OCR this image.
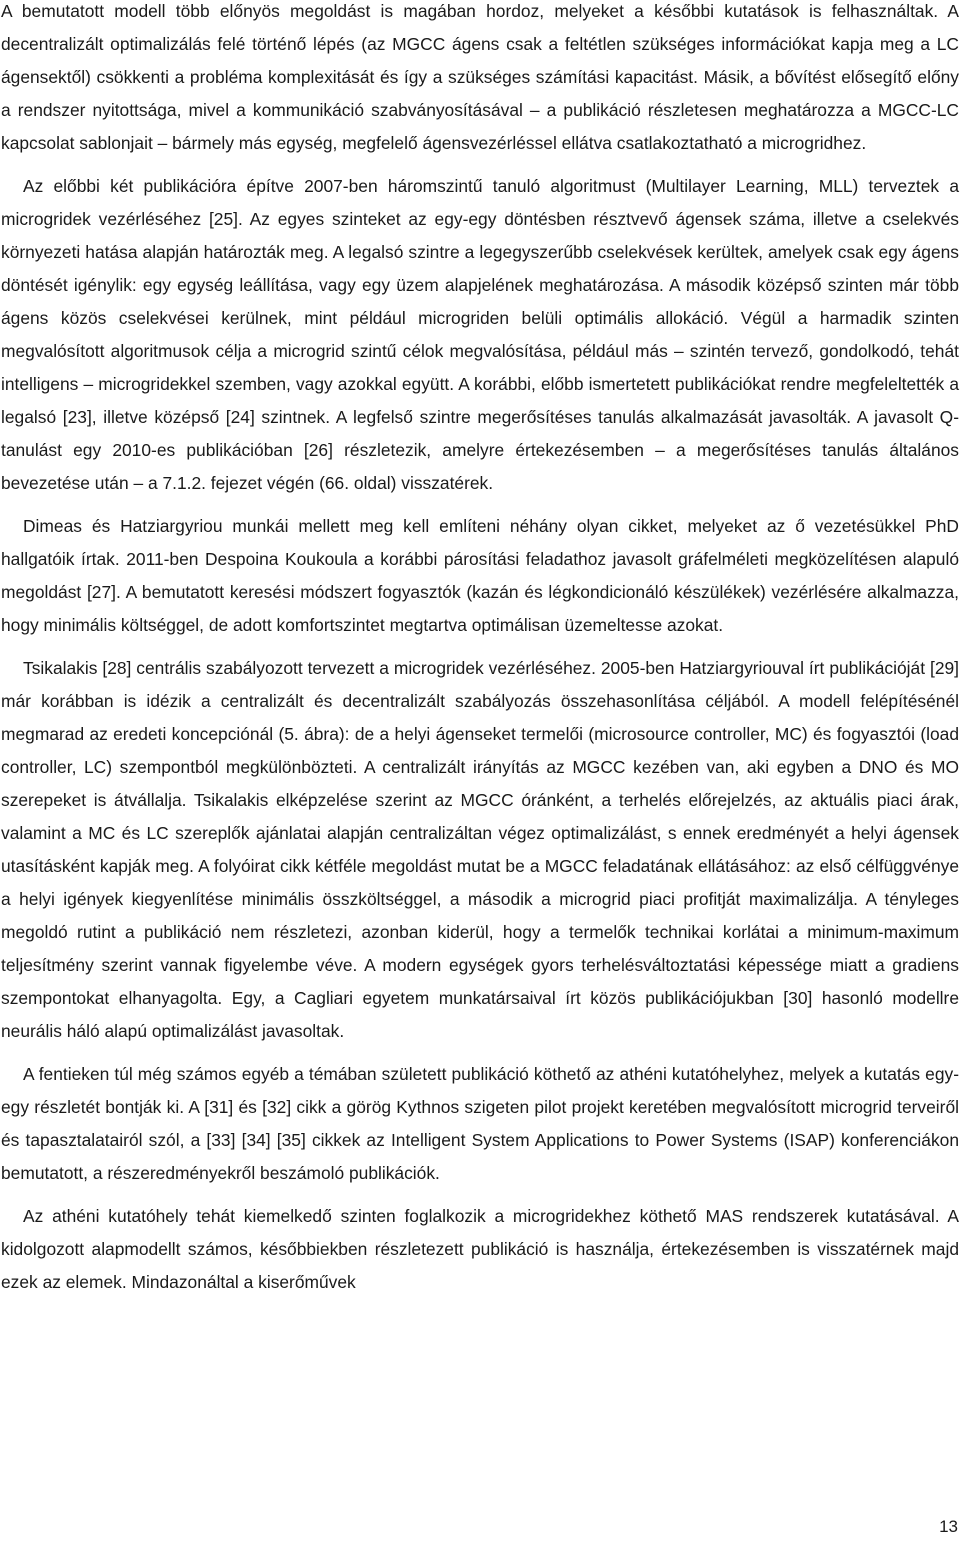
A bemutatott modell több előnyös megoldást is magában hordoz, melyeket a későbbi kutatások is felhasználtak. A decentralizált optimalizálás felé történő lépés (az MGCC ágens csak a feltétlen szükséges információkat kapja meg a LC ágensektől) csökkenti a probléma komplexitását és így a szükséges számítási kapacitást. Másik, a bővítést elősegítő előny a rendszer nyitottsága, mivel a kommunikáció szabványosításával – a publikáció részletesen meghatározza a MGCC-LC kapcsolat sablonjait – bármely más egység, megfelelő ágensvezérléssel ellátva csatlakoztatható a microgridhez.

Az előbbi két publikációra építve 2007-ben háromszintű tanuló algoritmust (Multilayer Learning, MLL) terveztek a microgridek vezérléséhez [25]. Az egyes szinteket az egy-egy döntésben résztvevő ágensek száma, illetve a cselekvés környezeti hatása alapján határozták meg. A legalsó szintre a legegyszerűbb cselekvések kerültek, amelyek csak egy ágens döntését igénylik: egy egység leállítása, vagy egy üzem alapjelének meghatározása. A második középső szinten már több ágens közös cselekvései kerülnek, mint például microgriden belüli optimális allokáció. Végül a harmadik szinten megvalósított algoritmusok célja a microgrid szintű célok megvalósítása, például más – szintén tervező, gondolkodó, tehát intelligens – microgridekkel szemben, vagy azokkal együtt. A korábbi, előbb ismertetett publikációkat rendre megfeleltették a legalsó [23], illetve középső [24] szintnek. A legfelső szintre megerősítéses tanulás alkalmazását javasolták. A javasolt Q-tanulást egy 2010-es publikációban [26] részletezik, amelyre értekezésemben – a megerősítéses tanulás általános bevezetése után – a 7.1.2. fejezet végén (66. oldal) visszatérek.

Dimeas és Hatziargyriou munkái mellett meg kell említeni néhány olyan cikket, melyeket az ő vezetésükkel PhD hallgatóik írtak. 2011-ben Despoina Koukoula a korábbi párosítási feladathoz javasolt gráfelméleti megközelítésen alapuló megoldást [27]. A bemutatott keresési módszert fogyasztók (kazán és légkondicionáló készülékek) vezérlésére alkalmazza, hogy minimális költséggel, de adott komfortszintet megtartva optimálisan üzemeltesse azokat.

Tsikalakis [28] centrális szabályozott tervezett a microgridek vezérléséhez. 2005-ben Hatziargyriouval írt publikációját [29] már korábban is idézik a centralizált és decentralizált szabályozás összehasonlítása céljából. A modell felépítésénél megmarad az eredeti koncepciónál (5. ábra): de a helyi ágenseket termelői (microsource controller, MC) és fogyasztói (load controller, LC) szempontból megkülönbözteti. A centralizált irányítás az MGCC kezében van, aki egyben a DNO és MO szerepeket is átvállalja. Tsikalakis elképzelése szerint az MGCC óránként, a terhelés előrejelzés, az aktuális piaci árak, valamint a MC és LC szereplők ajánlatai alapján centralizáltan végez optimalizálást, s ennek eredményét a helyi ágensek utasításként kapják meg. A folyóirat cikk kétféle megoldást mutat be a MGCC feladatának ellátásához: az első célfüggvénye a helyi igények kiegyenlítése minimális összköltséggel, a második a microgrid piaci profitját maximalizálja. A tényleges megoldó rutint a publikáció nem részletezi, azonban kiderül, hogy a termelők technikai korlátai a minimum-maximum teljesítmény szerint vannak figyelembe véve. A modern egységek gyors terhelésváltoztatási képessége miatt a gradiens szempontokat elhanyagolta. Egy, a Cagliari egyetem munkatársaival írt közös publikációjukban [30] hasonló modellre neurális háló alapú optimalizálást javasoltak.

A fentieken túl még számos egyéb a témában született publikáció köthető az athéni kutatóhelyhez, melyek a kutatás egy-egy részletét bontják ki. A [31] és [32] cikk a görög Kythnos szigeten pilot projekt keretében megvalósított microgrid terveiről és tapasztalatairól szól, a [33] [34] [35] cikkek az Intelligent System Applications to Power Systems (ISAP) konferenciákon bemutatott, a részeredményekről beszámoló publikációk.

Az athéni kutatóhely tehát kiemelkedő szinten foglalkozik a microgridekhez köthető MAS rendszerek kutatásával. A kidolgozott alapmodellt számos, későbbiekben részletezett publikáció is használja, értekezésemben is visszatérnek majd ezek az elemek. Mindazonáltal a kiserőművek

13
